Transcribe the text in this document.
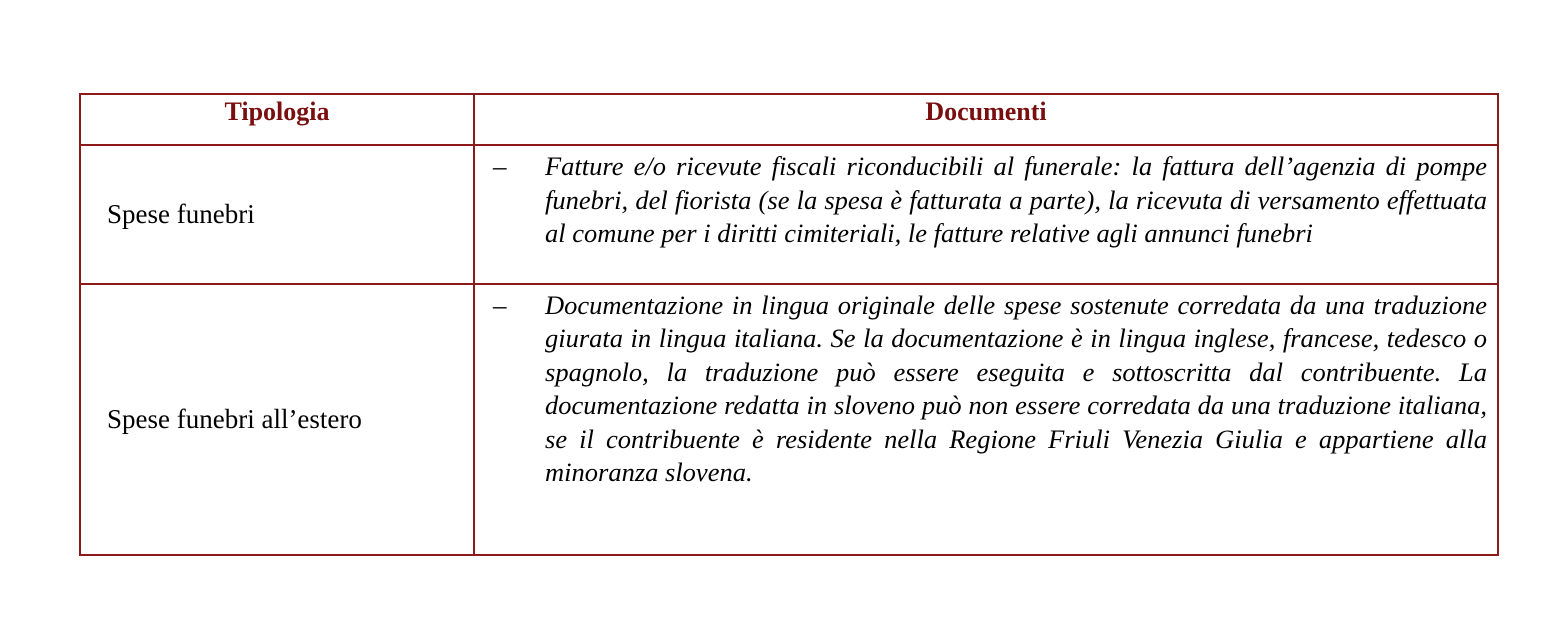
Tipologia	Documenti
Spese funebri	– Fatture e/o ricevute fiscali riconducibili al funerale: la fattura dell’agenzia di pompe funebri, del fiorista (se la spesa è fatturata a parte), la ricevuta di versamento effettuata al comune per i diritti cimiteriali, le fatture relative agli annunci funebri

Spese funebri all’estero	– Documentazione in lingua originale delle spese sostenute corredata da una traduzione giurata in lingua italiana. Se la documentazione è in lingua inglese, francese, tedesco o spagnolo, la traduzione può essere eseguita e sottoscritta dal contribuente. La documentazione redatta in sloveno può non essere corredata da una traduzione italiana, se il contribuente è residente nella Regione Friuli Venezia Giulia e appartiene alla minoranza slovena.
